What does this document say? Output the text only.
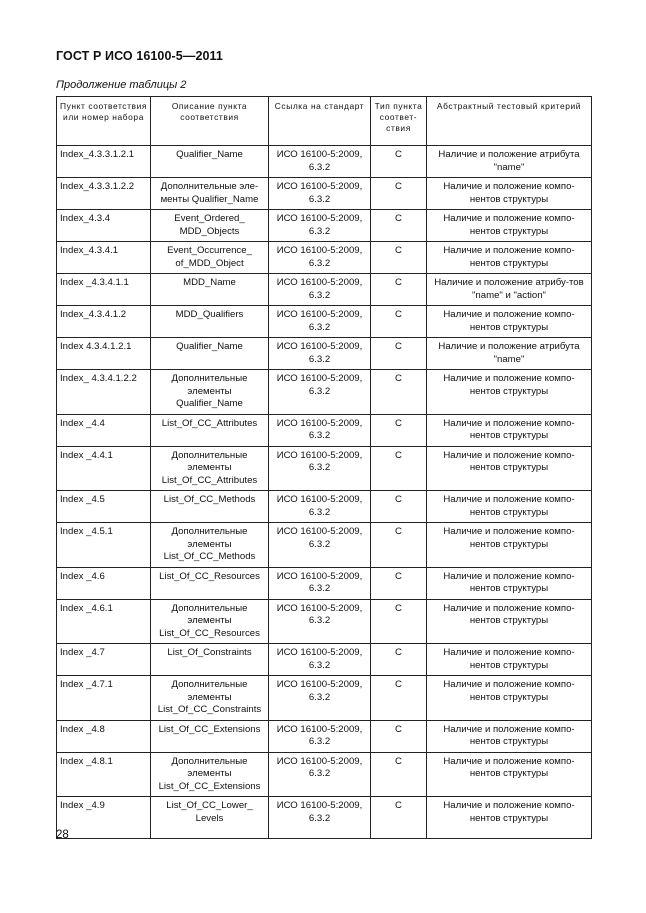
ГОСТ Р ИСО 16100-5—2011
Продолжение таблицы 2
Пункт соответствия или номер набора	Описание пункта соответствия	Ссылка на стандарт	Тип пункта соответ-ствия	Абстрактный тестовый критерий
Index_4.3.3.1.2.1	Qualifier_Name	ИСО 16100-5:2009, 6.3.2	С	Наличие и положение атрибута "name"
Index_4.3.3.1.2.2	Дополнительные эле-менты Qualifier_Name	ИСО 16100-5:2009, 6.3.2	С	Наличие и положение компо-нентов структуры
Index_4.3.4	Event_Ordered_ MDD_Objects	ИСО 16100-5:2009, 6.3.2	С	Наличие и положение компо-нентов структуры
Index_4.3.4.1	Event_Occurrence_ of_MDD_Object	ИСО 16100-5:2009, 6.3.2	С	Наличие и положение компо-нентов структуры
Index _4.3.4.1.1	MDD_Name	ИСО 16100-5:2009, 6.3.2	С	Наличие и положение атрибу-тов "name" и "action"
Index_4.3.4.1.2	MDD_Qualifiers	ИСО 16100-5:2009, 6.3.2	С	Наличие и положение компо-нентов структуры
Index 4.3.4.1.2.1	Qualifier_Name	ИСО 16100-5:2009, 6.3.2	С	Наличие и положение атрибута "name"
Index_ 4.3.4.1.2.2	Дополнительные элементы Qualifier_Name	ИСО 16100-5:2009, 6.3.2	С	Наличие и положение компо-нентов структуры
Index _4.4	List_Of_CC_Attributes	ИСО 16100-5:2009, 6.3.2	С	Наличие и положение компо-нентов структуры
Index _4.4.1	Дополнительные элементы List_Of_CC_Attributes	ИСО 16100-5:2009, 6.3.2	С	Наличие и положение компо-нентов структуры
Index _4.5	List_Of_CC_Methods	ИСО 16100-5:2009, 6.3.2	С	Наличие и положение компо-нентов структуры
Index _4.5.1	Дополнительные элементы List_Of_CC_Methods	ИСО 16100-5:2009, 6.3.2	С	Наличие и положение компо-нентов структуры
Index _4.6	List_Of_CC_Resources	ИСО 16100-5:2009, 6.3.2	С	Наличие и положение компо-нентов структуры
Index _4.6.1	Дополнительные элементы List_Of_CC_Resources	ИСО 16100-5:2009, 6.3.2	С	Наличие и положение компо-нентов структуры
Index _4.7	List_Of_Constraints	ИСО 16100-5:2009, 6.3.2	С	Наличие и положение компо-нентов структуры
Index _4.7.1	Дополнительные элементы List_Of_CC_Constraints	ИСО 16100-5:2009, 6.3.2	С	Наличие и положение компо-нентов структуры
Index _4.8	List_Of_CC_Extensions	ИСО 16100-5:2009, 6.3.2	С	Наличие и положение компо-нентов структуры
Index _4.8.1	Дополнительные элементы List_Of_CC_Extensions	ИСО 16100-5:2009, 6.3.2	С	Наличие и положение компо-нентов структуры
Index _4.9	List_Of_CC_Lower_ Levels	ИСО 16100-5:2009, 6.3.2	С	Наличие и положение компо-нентов структуры
28
